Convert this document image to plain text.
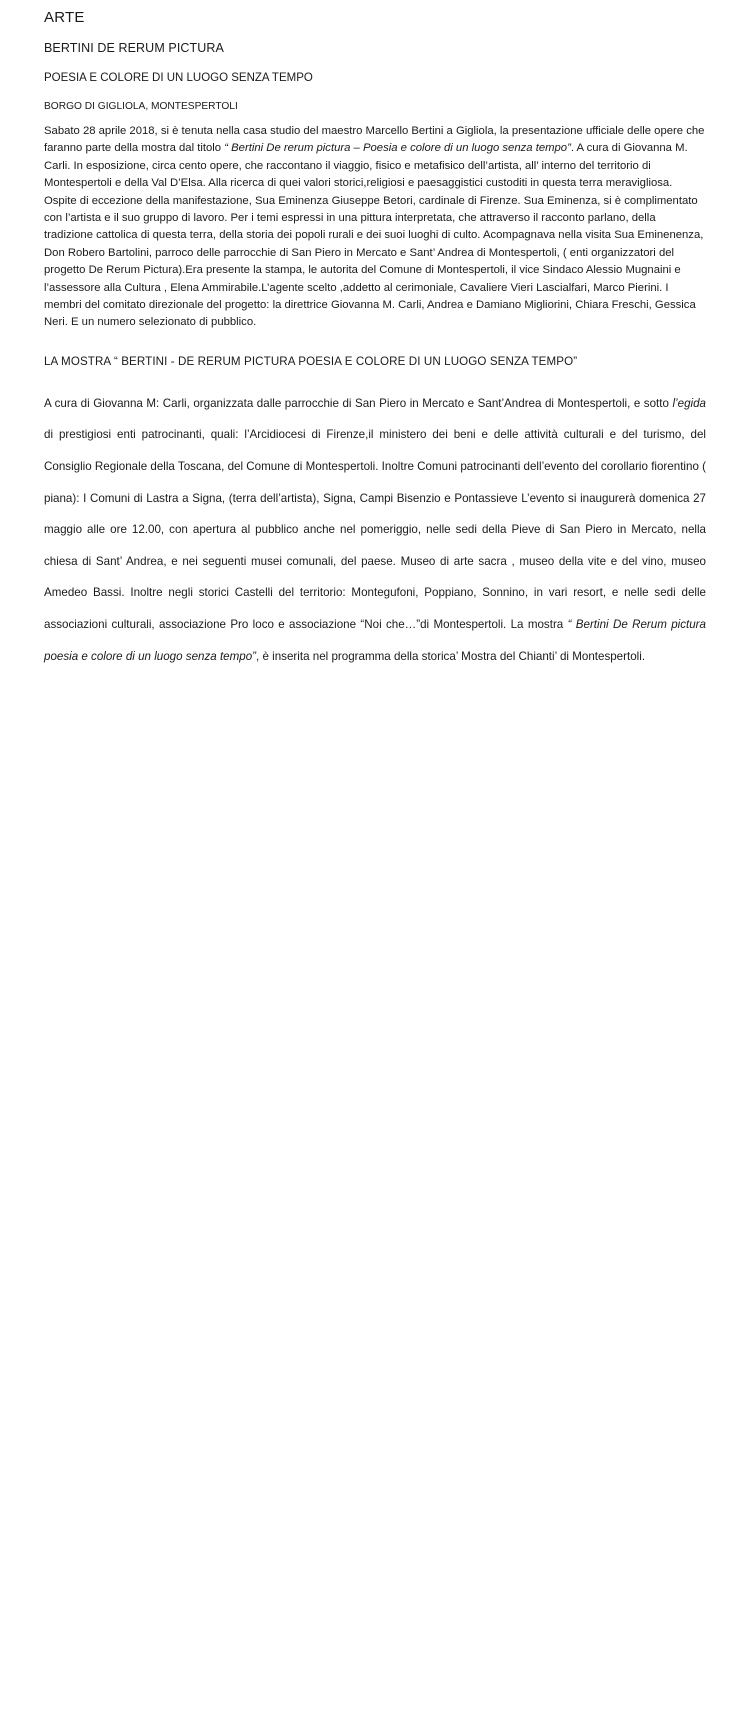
ARTE
BERTINI DE RERUM PICTURA
POESIA E COLORE DI UN LUOGO SENZA TEMPO
BORGO DI GIGLIOLA, MONTESPERTOLI

Sabato 28 aprile 2018, si è tenuta nella casa studio del maestro Marcello Bertini a Gigliola, la presentazione ufficiale delle opere che faranno parte della mostra dal titolo “ Bertini De rerum pictura – Poesia e colore di un luogo senza tempo”. A cura di Giovanna M. Carli. In esposizione, circa cento opere, che raccontano il viaggio, fisico e metafisico dell’artista, all’ interno del territorio di Montespertoli e della Val D’Elsa. Alla ricerca di quei valori storici,religiosi e paesaggistici custoditi in questa terra meravigliosa. Ospite di eccezione della manifestazione, Sua Eminenza Giuseppe Betori, cardinale di Firenze. Sua Eminenza, si è complimentato con l’artista e il suo gruppo di lavoro. Per i temi espressi in una pittura interpretata, che attraverso il racconto parlano, della tradizione cattolica di questa terra, della storia dei popoli rurali e dei suoi luoghi di culto. Acompagnava nella visita Sua Eminenenza, Don Robero Bartolini, parroco delle parrocchie di San Piero in Mercato e Sant’ Andrea di Montespertoli, ( enti organizzatori del progetto De Rerum Pictura).Era presente la stampa, le autorita del Comune di Montespertoli, il vice Sindaco Alessio Mugnaini e l’assessore alla Cultura , Elena Ammirabile.L’agente scelto ,addetto al cerimoniale, Cavaliere Vieri Lascialfari, Marco Pierini. I membri del comitato direzionale del progetto: la direttrice Giovanna M. Carli, Andrea e Damiano Migliorini, Chiara Freschi, Gessica Neri. E un numero selezionato di pubblico.

LA MOSTRA “ BERTINI - DE RERUM PICTURA POESIA E COLORE DI UN LUOGO SENZA TEMPO”

A cura di Giovanna M: Carli, organizzata dalle parrocchie di San Piero in Mercato e Sant’Andrea di Montespertoli, e sotto l’egida di prestigiosi enti patrocinanti, quali: l’Arcidiocesi di Firenze,il ministero dei beni e delle attività culturali e del turismo, del Consiglio Regionale della Toscana, del Comune di Montespertoli. Inoltre Comuni patrocinanti dell’evento del corollario fiorentino ( piana): I Comuni di Lastra a Signa, (terra dell’artista), Signa, Campi Bisenzio e Pontassieve L’evento si inaugurerà domenica 27 maggio alle ore 12.00, con apertura al pubblico anche nel pomeriggio, nelle sedi della Pieve di San Piero in Mercato, nella chiesa di Sant’ Andrea, e nei seguenti musei comunali, del paese. Museo di arte sacra , museo della vite e del vino, museo Amedeo Bassi. Inoltre negli storici Castelli del territorio: Montegufoni, Poppiano, Sonnino, in vari resort, e nelle sedi delle associazioni culturali, associazione Pro loco e associazione “Noi che…”di Montespertoli. La mostra “ Bertini De Rerum pictura poesia e colore di un luogo senza tempo”, è inserita nel programma della storica’ Mostra del Chianti’ di Montespertoli.
